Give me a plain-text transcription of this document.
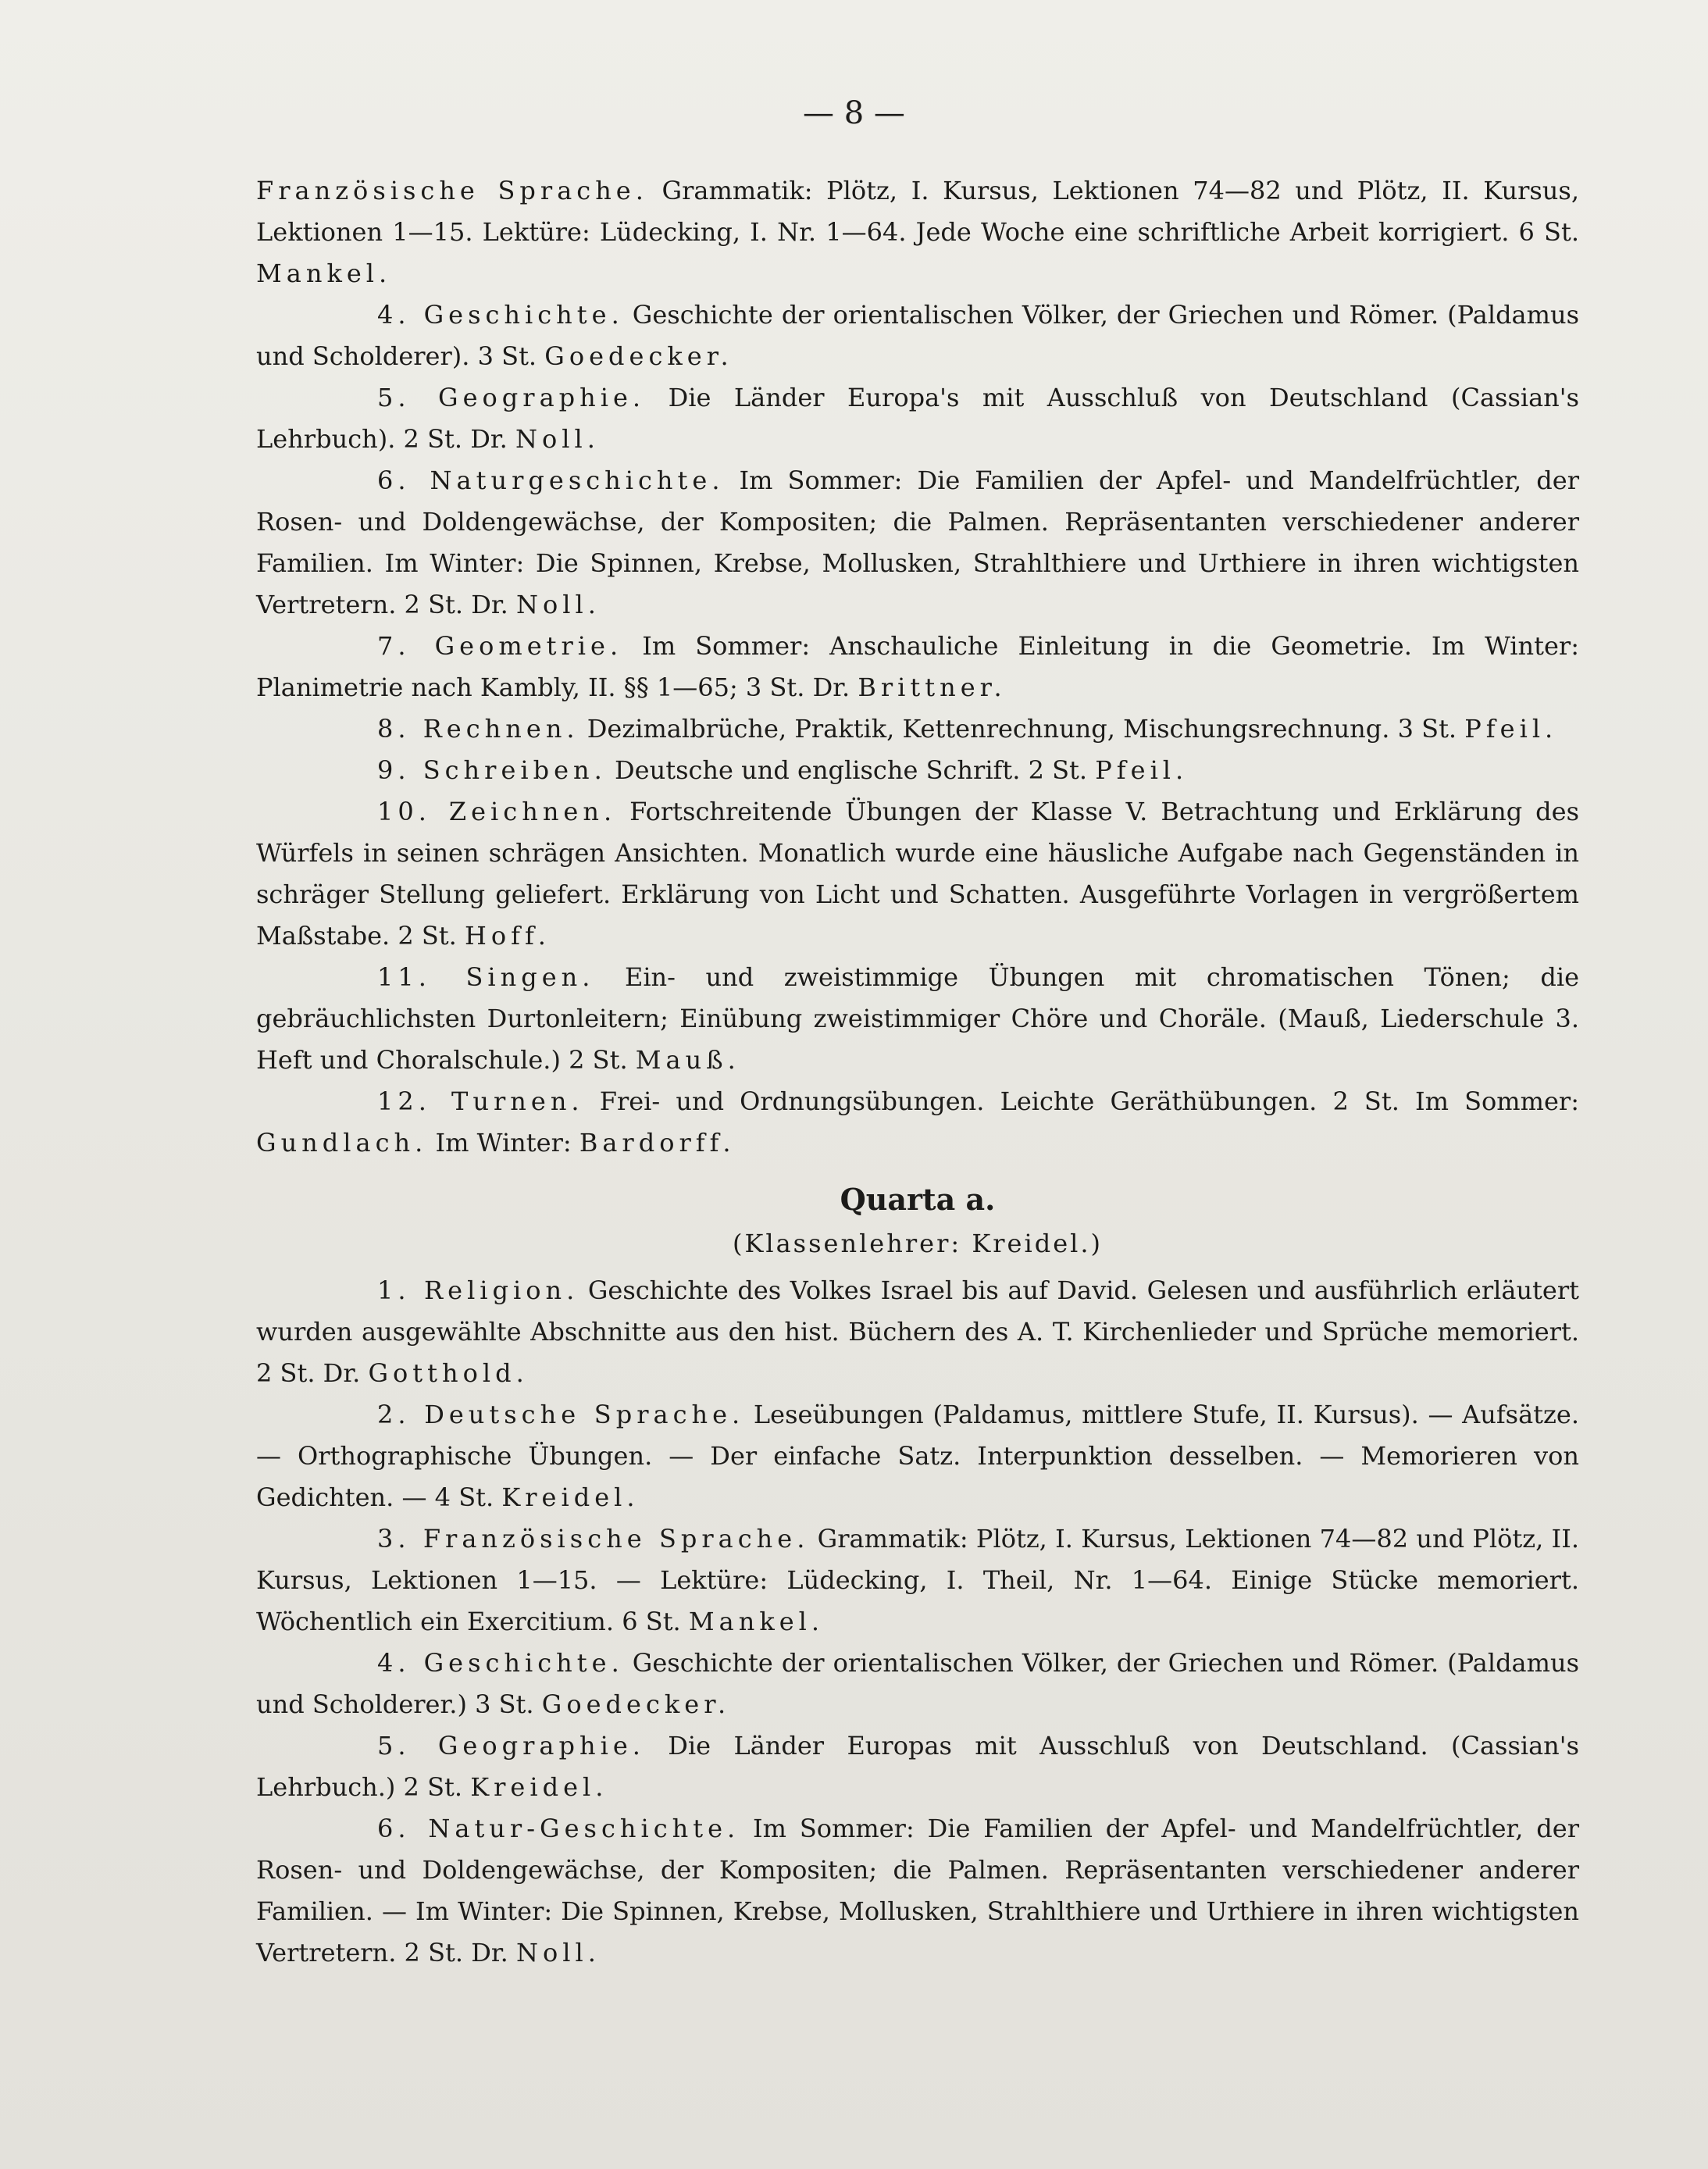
— 8 —

Französische Sprache. Grammatik: Plötz, I. Kursus, Lektionen 74—82 und Plötz, II. Kursus, Lektionen 1—15. Lektüre: Lüdecking, I. Nr. 1—64. Jede Woche eine schriftliche Arbeit korrigiert. 6 St. Mankel.

4. Geschichte. Geschichte der orientalischen Völker, der Griechen und Römer. (Paldamus und Scholderer). 3 St. Goedecker.

5. Geographie. Die Länder Europa's mit Ausschluß von Deutschland (Cassian's Lehrbuch). 2 St. Dr. Noll.

6. Naturgeschichte. Im Sommer: Die Familien der Apfel- und Mandelfrüchtler, der Rosen- und Doldengewächse, der Kompositen; die Palmen. Repräsentanten verschiedener anderer Familien. Im Winter: Die Spinnen, Krebse, Mollusken, Strahlthiere und Urthiere in ihren wichtigsten Vertretern. 2 St. Dr. Noll.

7. Geometrie. Im Sommer: Anschauliche Einleitung in die Geometrie. Im Winter: Planimetrie nach Kambly, II. §§ 1—65; 3 St. Dr. Brittner.

8. Rechnen. Dezimalbrüche, Praktik, Kettenrechnung, Mischungsrechnung. 3 St. Pfeil.

9. Schreiben. Deutsche und englische Schrift. 2 St. Pfeil.

10. Zeichnen. Fortschreitende Übungen der Klasse V. Betrachtung und Erklärung des Würfels in seinen schrägen Ansichten. Monatlich wurde eine häusliche Aufgabe nach Gegenständen in schräger Stellung geliefert. Erklärung von Licht und Schatten. Ausgeführte Vorlagen in vergrößertem Maßstabe. 2 St. Hoff.

11. Singen. Ein- und zweistimmige Übungen mit chromatischen Tönen; die gebräuchlichsten Durtonleitern; Einübung zweistimmiger Chöre und Choräle. (Mauß, Liederschule 3. Heft und Choralschule.) 2 St. Mauß.

12. Turnen. Frei- und Ordnungsübungen. Leichte Geräthübungen. 2 St. Im Sommer: Gundlach. Im Winter: Bardorff.

Quarta a.
(Klassenlehrer: Kreidel.)

1. Religion. Geschichte des Volkes Israel bis auf David. Gelesen und ausführlich erläutert wurden ausgewählte Abschnitte aus den hist. Büchern des A. T. Kirchenlieder und Sprüche memoriert. 2 St. Dr. Gotthold.

2. Deutsche Sprache. Leseübungen (Paldamus, mittlere Stufe, II. Kursus). — Aufsätze. — Orthographische Übungen. — Der einfache Satz. Interpunktion desselben. — Memorieren von Gedichten. — 4 St. Kreidel.

3. Französische Sprache. Grammatik: Plötz, I. Kursus, Lektionen 74—82 und Plötz, II. Kursus, Lektionen 1—15. — Lektüre: Lüdecking, I. Theil, Nr. 1—64. Einige Stücke memoriert. Wöchentlich ein Exercitium. 6 St. Mankel.

4. Geschichte. Geschichte der orientalischen Völker, der Griechen und Römer. (Paldamus und Scholderer.) 3 St. Goedecker.

5. Geographie. Die Länder Europas mit Ausschluß von Deutschland. (Cassian's Lehrbuch.) 2 St. Kreidel.

6. Natur-Geschichte. Im Sommer: Die Familien der Apfel- und Mandelfrüchtler, der Rosen- und Doldengewächse, der Kompositen; die Palmen. Repräsentanten verschiedener anderer Familien. — Im Winter: Die Spinnen, Krebse, Mollusken, Strahlthiere und Urthiere in ihren wichtigsten Vertretern. 2 St. Dr. Noll.
